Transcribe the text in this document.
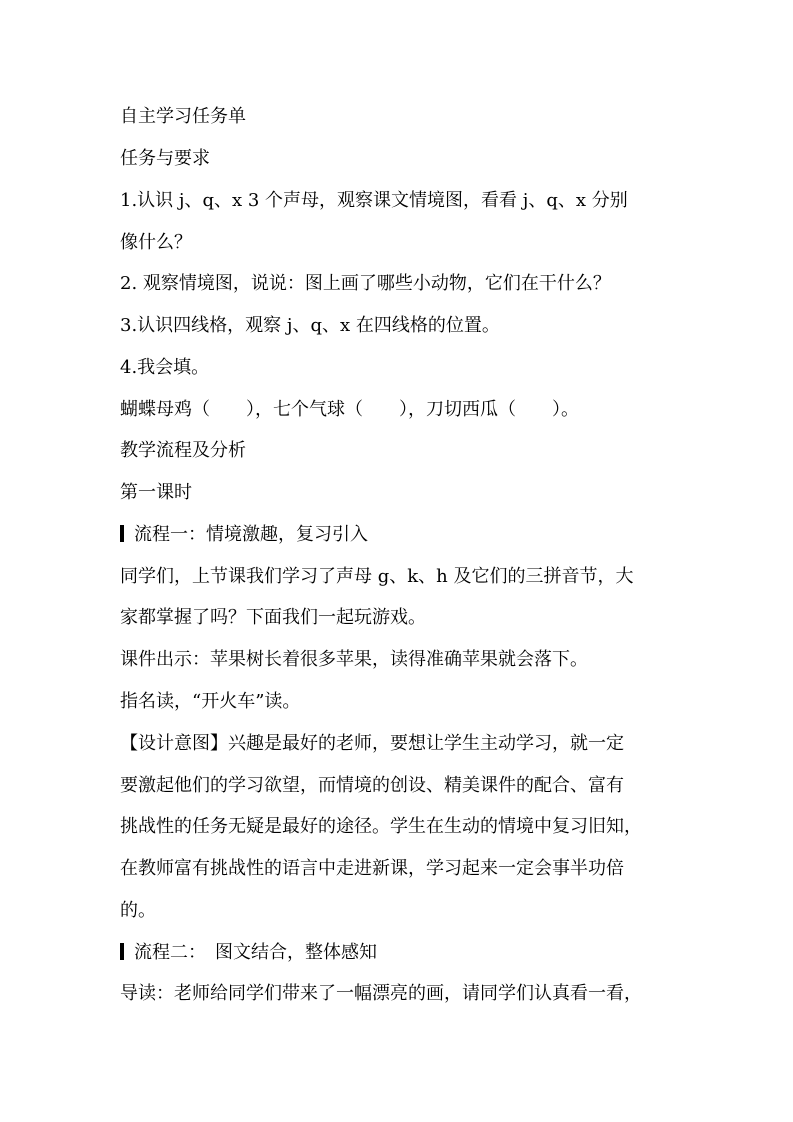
自主学习任务单
任务与要求
1.认识 j、q、x 3 个声母，观察课文情境图，看看 j、q、x 分别
像什么？
2. 观察情境图，说说：图上画了哪些小动物，它们在干什么？
3.认识四线格，观察 j、q、x 在四线格的位置。
4.我会填。
蝴蝶母鸡（　　），七个气球（　　），刀切西瓜（　　）。
教学流程及分析
第一课时
流程一：情境激趣，复习引入
同学们，上节课我们学习了声母 g、k、h 及它们的三拼音节，大
家都掌握了吗？下面我们一起玩游戏。
课件出示：苹果树长着很多苹果，读得准确苹果就会落下。
指名读，“开火车”读。
【设计意图】兴趣是最好的老师，要想让学生主动学习，就一定
要激起他们的学习欲望，而情境的创设、精美课件的配合、富有
挑战性的任务无疑是最好的途径。学生在生动的情境中复习旧知，
在教师富有挑战性的语言中走进新课，学习起来一定会事半功倍
的。
流程二：　图文结合，整体感知
导读：老师给同学们带来了一幅漂亮的画，请同学们认真看一看，
